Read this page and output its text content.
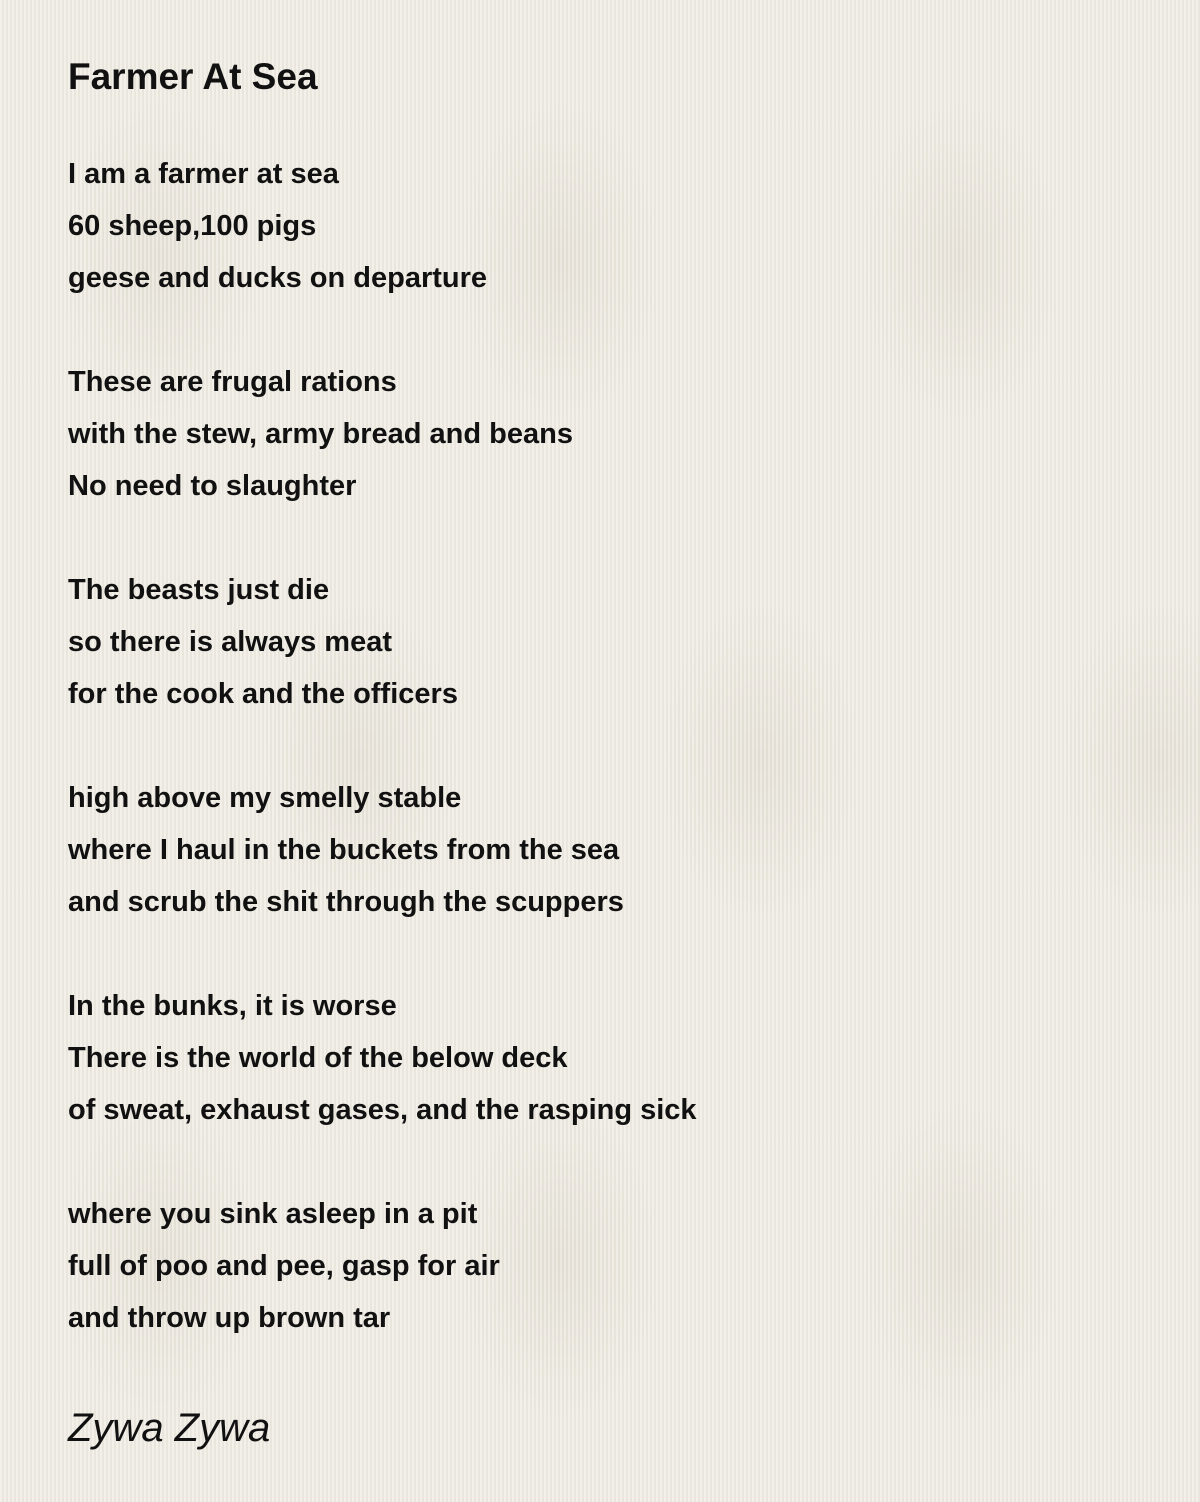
Farmer At Sea

I am a farmer at sea
60 sheep,100 pigs
geese and ducks on departure

These are frugal rations
with the stew, army bread and beans
No need to slaughter

The beasts just die
so there is always meat
for the cook and the officers

high above my smelly stable
where I haul in the buckets from the sea
and scrub the shit through the scuppers

In the bunks, it is worse
There is the world of the below deck
of sweat, exhaust gases, and the rasping sick

where you sink asleep in a pit
full of poo and pee, gasp for air
and throw up brown tar

Zywa Zywa
